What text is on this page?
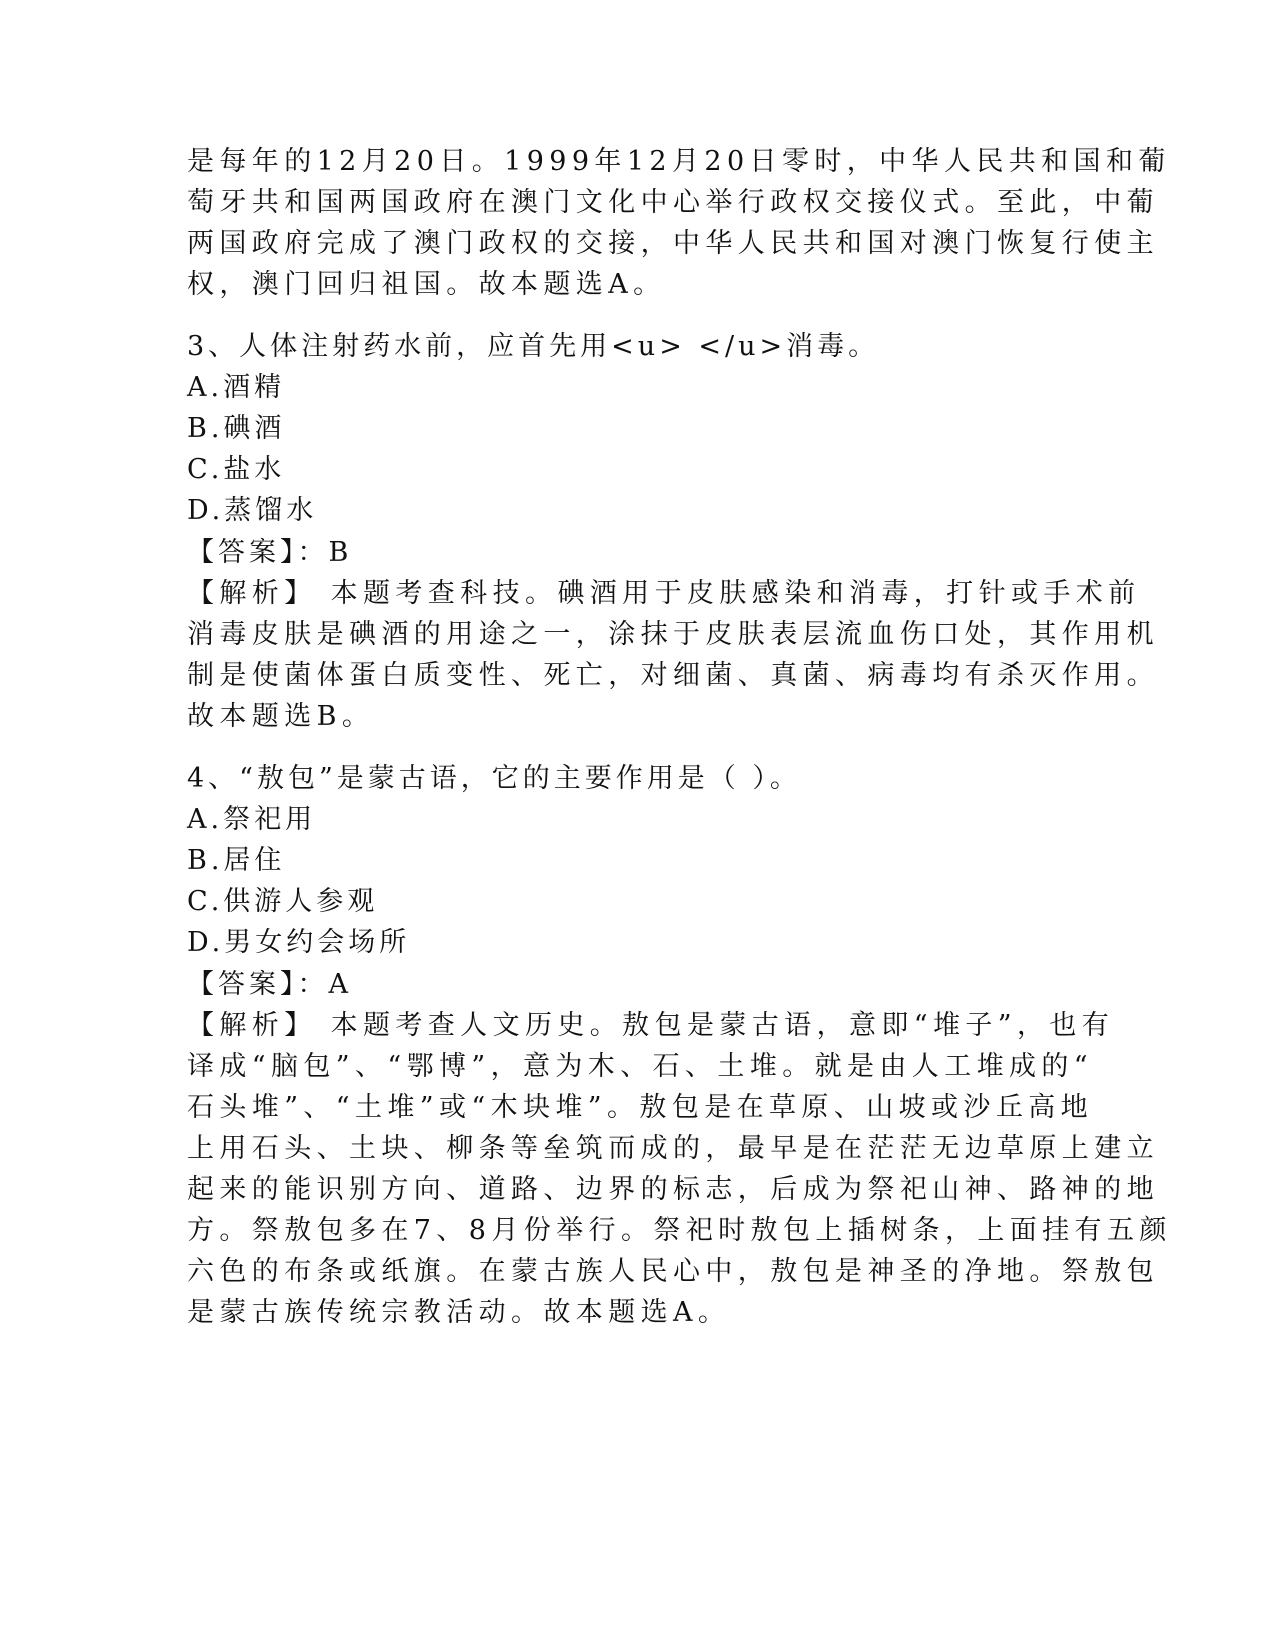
是每年的12月20日。1999年12月20日零时，中华人民共和国和葡
萄牙共和国两国政府在澳门文化中心举行政权交接仪式。至此，中葡
两国政府完成了澳门政权的交接，中华人民共和国对澳门恢复行使主
权，澳门回归祖国。故本题选A。
3、人体注射药水前，应首先用<u> </u>消毒。
A.酒精
B.碘酒
C.盐水
D.蒸馏水
【答案】：B
【解析】 本题考查科技。碘酒用于皮肤感染和消毒，打针或手术前
消毒皮肤是碘酒的用途之一，涂抹于皮肤表层流血伤口处，其作用机
制是使菌体蛋白质变性、死亡，对细菌、真菌、病毒均有杀灭作用。
故本题选B。
4、“敖包”是蒙古语，它的主要作用是（ ）。
A.祭祀用
B.居住
C.供游人参观
D.男女约会场所
【答案】：A
【解析】 本题考查人文历史。敖包是蒙古语，意即“堆子”，也有
译成“脑包”、“鄂博”，意为木、石、土堆。就是由人工堆成的“
石头堆”、“土堆”或“木块堆”。敖包是在草原、山坡或沙丘高地
上用石头、土块、柳条等垒筑而成的，最早是在茫茫无边草原上建立
起来的能识别方向、道路、边界的标志，后成为祭祀山神、路神的地
方。祭敖包多在7、8月份举行。祭祀时敖包上插树条，上面挂有五颜
六色的布条或纸旗。在蒙古族人民心中，敖包是神圣的净地。祭敖包
是蒙古族传统宗教活动。故本题选A。
